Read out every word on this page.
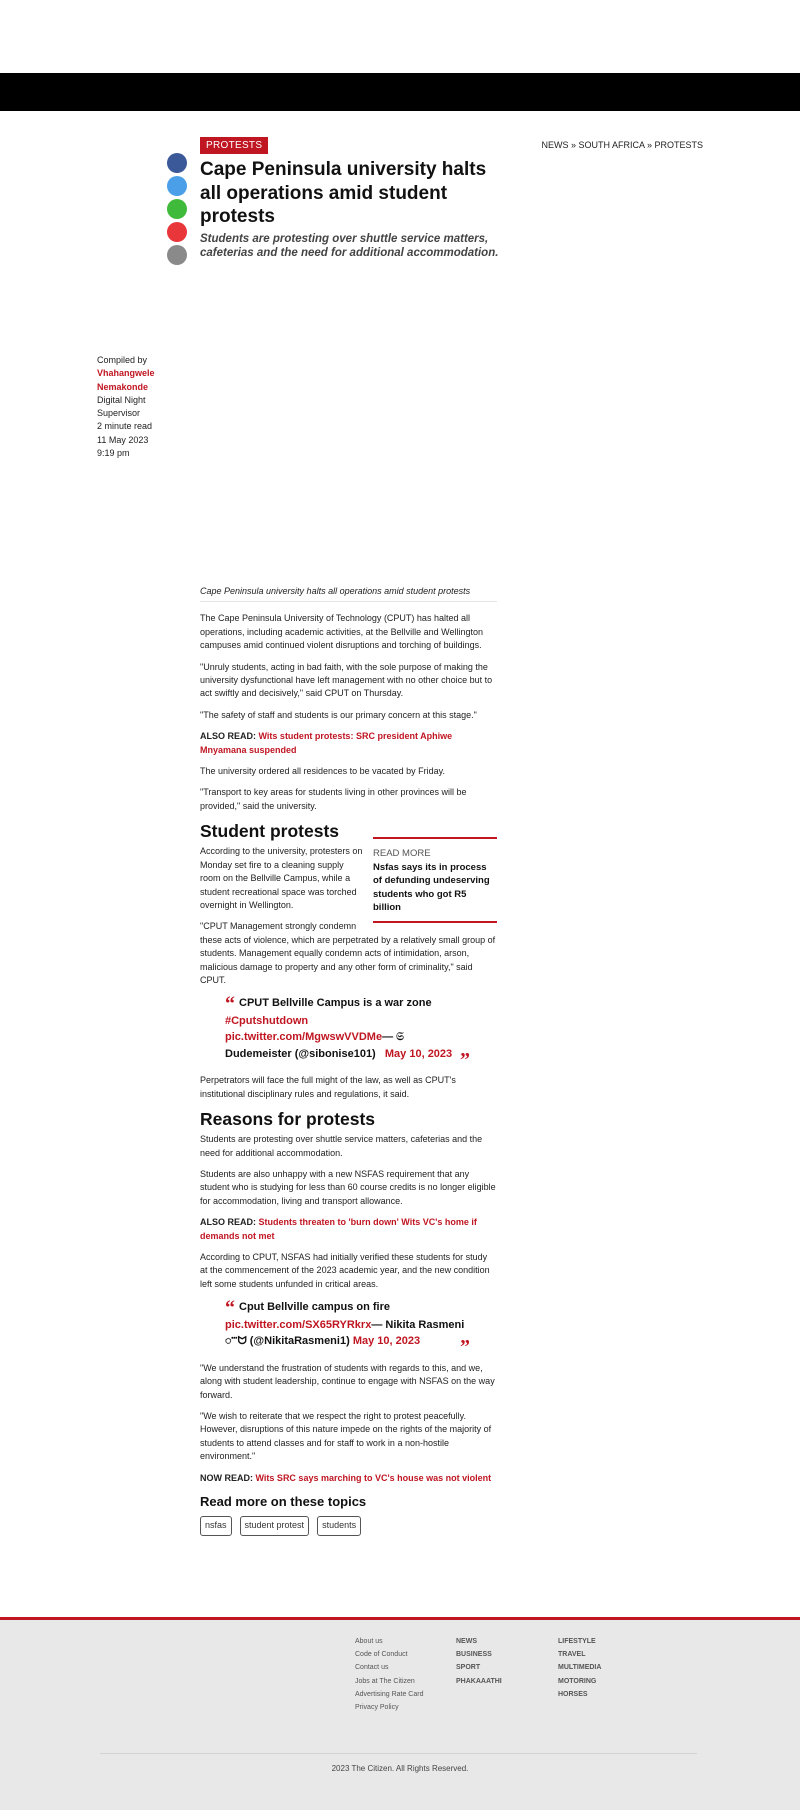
PROTESTS	NEWS » SOUTH AFRICA » PROTESTS
Cape Peninsula university halts all operations amid student protests
Students are protesting over shuttle service matters, cafeterias and the need for additional accommodation.
Compiled by
Vhahangwele Nemakonde
Digital Night Supervisor
2 minute read
11 May 2023
9:19 pm

Cape Peninsula university halts all operations amid student protests

The Cape Peninsula University of Technology (CPUT) has halted all operations, including academic activities, at the Bellville and Wellington campuses amid continued violent disruptions and torching of buildings.

"Unruly students, acting in bad faith, with the sole purpose of making the university dysfunctional have left management with no other choice but to act swiftly and decisively," said CPUT on Thursday.

"The safety of staff and students is our primary concern at this stage."

ALSO READ: Wits student protests: SRC president Aphiwe Mnyamana suspended

The university ordered all residences to be vacated by Friday.

"Transport to key areas for students living in other provinces will be provided," said the university.

Student protests
READ MORE
Nsfas says its in process of defunding undeserving students who got R5 billion

According to the university, protesters on Monday set fire to a cleaning supply room on the Bellville Campus, while a student recreational space was torched overnight in Wellington.

"CPUT Management strongly condemn these acts of violence, which are perpetrated by a relatively small group of students. Management equally condemn acts of intimidation, arson, malicious damage to property and any other form of criminality," said CPUT.

“ CPUT Bellville Campus is a war zone
#Cputshutdown
pic.twitter.com/MgwswVVDMe— 𝔖 Dudemeister (@sibonise101) May 10, 2023 ”

Perpetrators will face the full might of the law, as well as CPUT's institutional disciplinary rules and regulations, it said.

Reasons for protests

Students are protesting over shuttle service matters, cafeterias and the need for additional accommodation.

Students are also unhappy with a new NSFAS requirement that any student who is studying for less than 60 course credits is no longer eligible for accommodation, living and transport allowance.

ALSO READ: Students threaten to 'burn down' Wits VC's home if demands not met

According to CPUT, NSFAS had initially verified these students for study at the commencement of the 2023 academic year, and the new condition left some students unfunded in critical areas.

“ Cput Bellville campus on fire
pic.twitter.com/SX65RYRkrx— Nikita Rasmeni 𑀀𑀀𑀀ᗢ (@NikitaRasmeni1) May 10, 2023 ”

"We understand the frustration of students with regards to this, and we, along with student leadership, continue to engage with NSFAS on the way forward.

"We wish to reiterate that we respect the right to protest peacefully. However, disruptions of this nature impede on the rights of the majority of students to attend classes and for staff to work in a non-hostile environment."

NOW READ: Wits SRC says marching to VC's house was not violent

Read more on these topics
nsfas student protest students
About us
Code of Conduct
Contact us
Jobs at The Citizen
Advertising Rate Card
Privacy Policy
NEWS
BUSINESS
SPORT
PHAKAAATHI
LIFESTYLE
TRAVEL
MULTIMEDIA
MOTORING
HORSES
2023 The Citizen. All Rights Reserved.
